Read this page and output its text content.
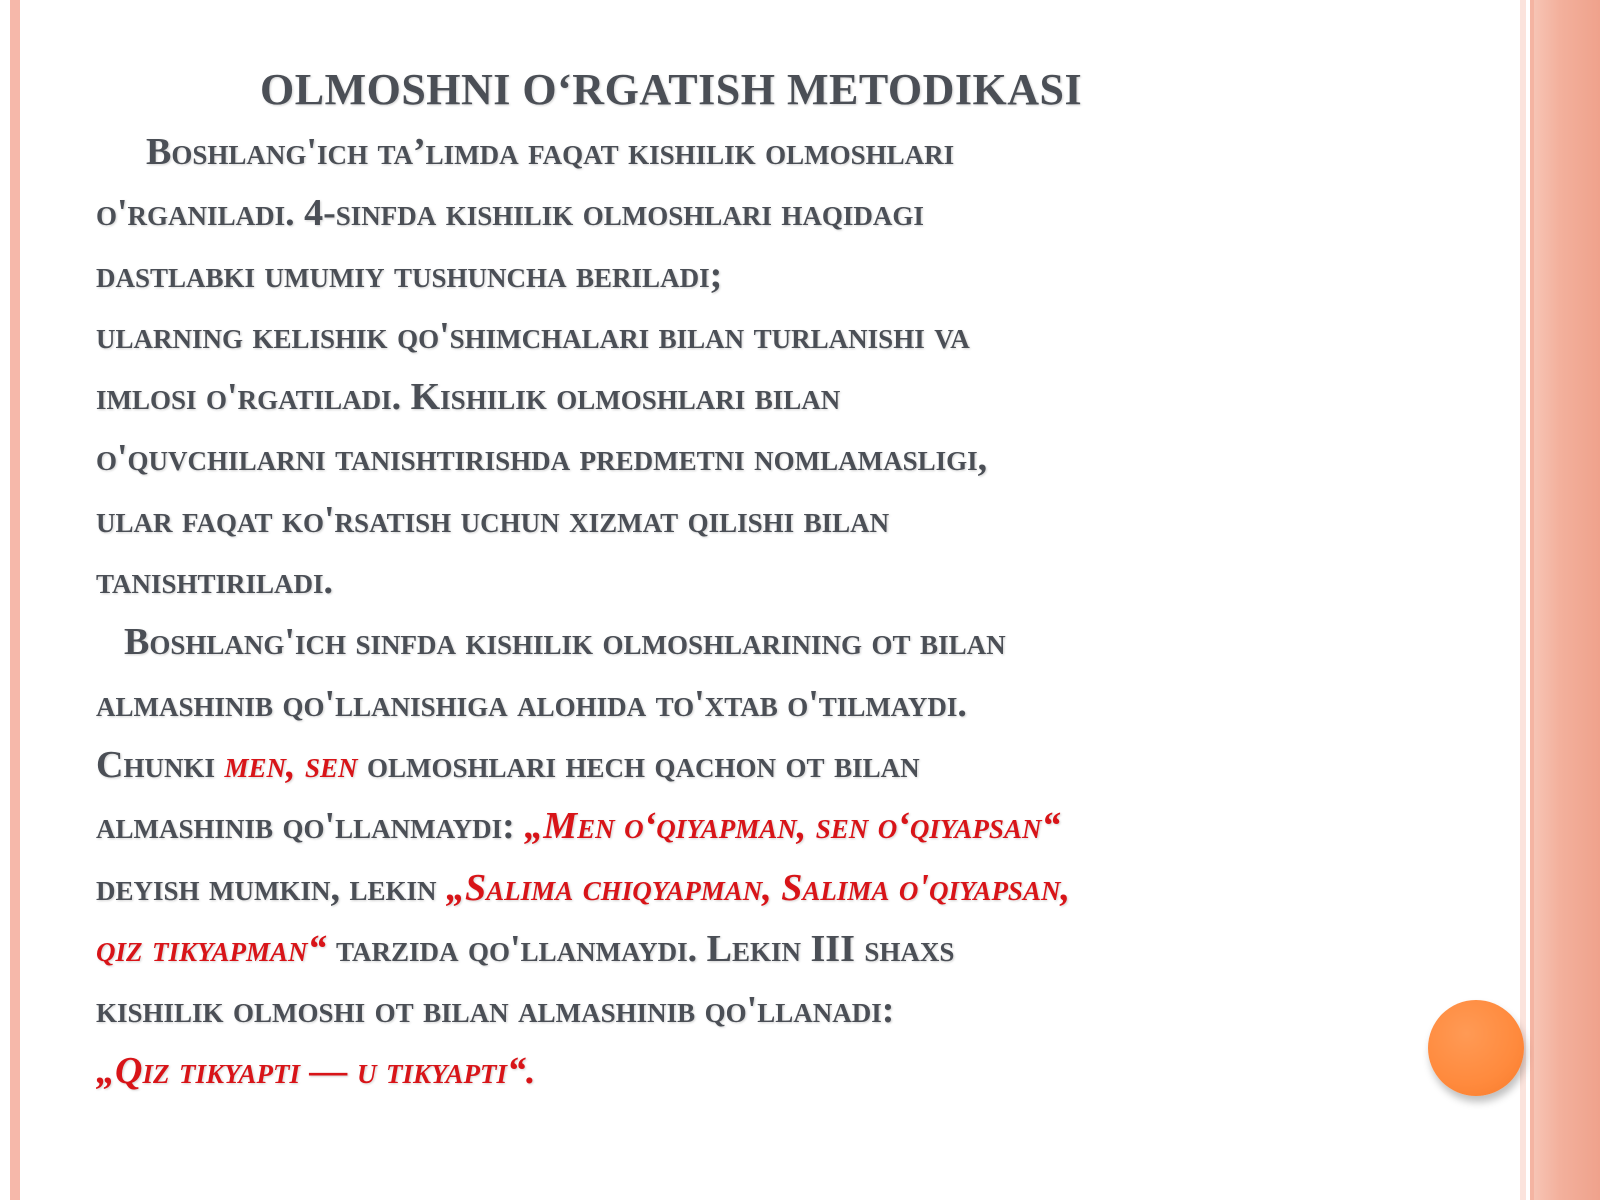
OLMOSHNI O‘RGATISH METODIKASI
Boshlang'ich ta’limda faqat kishilik olmoshlari
o'rganiladi. 4-sinfda kishilik olmoshlari haqidagi
dastlabki umumiy tushuncha beriladi;
ularning kelishik qo'shimchalari bilan turlanishi va
imlosi o'rgatiladi. Kishilik olmoshlari bilan
o'quvchilarni tanishtirishda predmetni nomlamasligi,
ular faqat ko'rsatish uchun xizmat qilishi bilan
tanishtiriladi.
Boshlang'ich sinfda kishilik olmoshlarining ot bilan
almashinib qo'llanishiga alohida to'xtab o'tilmaydi.
Chunki men, sen olmoshlari hech qachon ot bilan
almashinib qo'llanmaydi: „Men o‘qiyapman, sen o‘qiyapsan“
deyish mumkin, lekin „Salima chiqyapman, Salima o'qiyapsan,
qiz tikyapman“ tarzida qo'llanmaydi. Lekin III shaxs
kishilik olmoshi ot bilan almashinib qo'llanadi:
„Qiz tikyapti — u tikyapti“.
